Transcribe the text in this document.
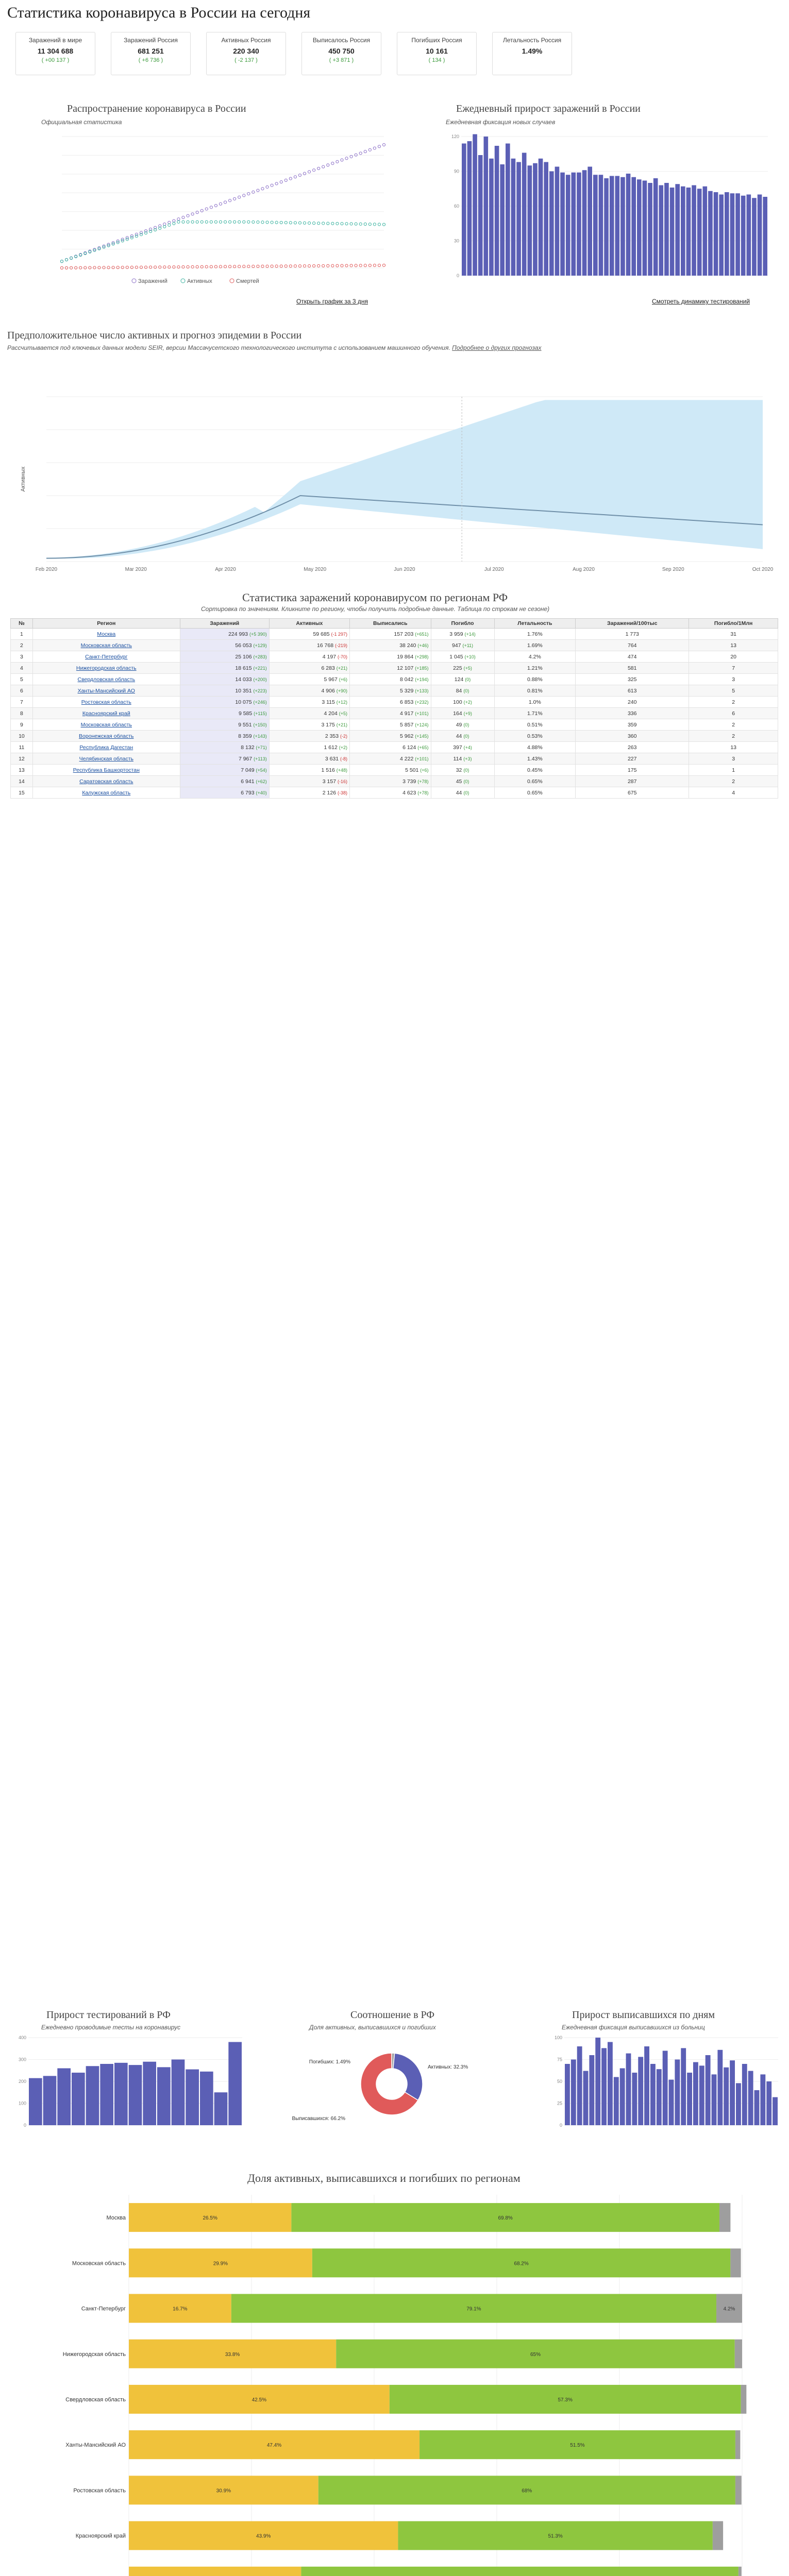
Статистика коронавируса в России на сегодня
Заражений в мире
11 304 688
( +00 137 )
Заражений Россия
681 251
( +6 736 )
Активных Россия
220 340
( -2 137 )
Выписалось Россия
450 750
( +3 871 )
Погибших Россия
10 161
( 134 )
Летальность Россия
1.49%
Распространение коронавируса в России
Официальная статистика
Заражений	Активных	Смертей
Открыть график за 3 дня
Ежедневный прирост заражений в России
Ежедневная фиксация новых случаев
0
30
60
90
120
Смотреть динамику тестирований
Предположительное число активных и прогноз эпидемии в России
Рассчитывается под ключевых данных модели SEIR, версии Массачусетского технологического института с использованием машинного обучения. Подробнее о других прогнозах
Активных
Feb 2020	Mar 2020	Apr 2020	May 2020	Jun 2020	Jul 2020	Aug 2020	Sep 2020	Oct 2020
Статистика заражений коронавирусом по регионам РФ
Сортировка по значениям. Кликните по региону, чтобы получить подробные данные. Таблица по строкам не сезоне)
№	Регион	Заражений	Активных	Выписались	Погибло	Летальность	Заражений/100тыс	Погибло/1Млн
1	Москва	224 993 (+5 390)	59 685 (-1 297)	157 203 (+651)	3 959 (+14)	1.76%	1 773	31
2	Московская область	56 053 (+129)	16 768 (-219)	38 240 (+46)	947 (+11)	1.69%	764	13
3	Санкт-Петербург	25 106 (+283)	4 197 (-70)	19 864 (+298)	1 045 (+10)	4.2%	474	20
4	Нижегородская область	18 615 (+221)	6 283 (+21)	12 107 (+185)	225 (+5)	1.21%	581	7
5	Свердловская область	14 033 (+200)	5 967 (+6)	8 042 (+194)	124 (0)	0.88%	325	3
6	Ханты-Мансийский АО	10 351 (+223)	4 906 (+90)	5 329 (+133)	84 (0)	0.81%	613	5
7	Ростовская область	10 075 (+246)	3 115 (+12)	6 853 (+232)	100 (+2)	1.0%	240	2
8	Красноярский край	9 585 (+115)	4 204 (+5)	4 917 (+101)	164 (+9)	1.71%	336	6
9	Московская область	9 551 (+150)	3 175 (+21)	5 857 (+124)	49 (0)	0.51%	359	2
10	Воронежская область	8 359 (+143)	2 353 (-2)	5 962 (+145)	44 (0)	0.53%	360	2
11	Республика Дагестан	8 132 (+71)	1 612 (+2)	6 124 (+65)	397 (+4)	4.88%	263	13
12	Челябинская область	7 967 (+113)	3 631 (-8)	4 222 (+101)	114 (+3)	1.43%	227	3
13	Республика Башкортостан	7 049 (+54)	1 516 (+48)	5 501 (+6)	32 (0)	0.45%	175	1
14	Саратовская область	6 941 (+62)	3 157 (-16)	3 739 (+78)	45 (0)	0.65%	287	2
15	Калужская область	6 793 (+40)	2 126 (-38)	4 623 (+78)	44 (0)	0.65%	675	4
Прирост тестирований в РФ
Ежедневно проводимые тесты на коронавирус
0
100
200
300
400
Соотношение в РФ
Доля активных, выписавшихся и погибших
Погибших: 1.49%
Активных: 32.3%
Выписавшихся: 66.2%
Прирост выписавшихся по дням
Ежедневная фиксация выписавшихся из больниц
0
25
50
75
100
Доля активных, выписавшихся и погибших по регионам
Москва	26.5%	69.8%
Московская область	29.9%	68.2%
Санкт-Петербург	16.7%	79.1%	4.2%
Нижегородская область	33.8%	65%
Свердловская область	42.5%	57.3%
Ханты-Мансийский АО	47.4%	51.5%
Ростовская область	30.9%	68%
Красноярский край	43.9%	51.3%
